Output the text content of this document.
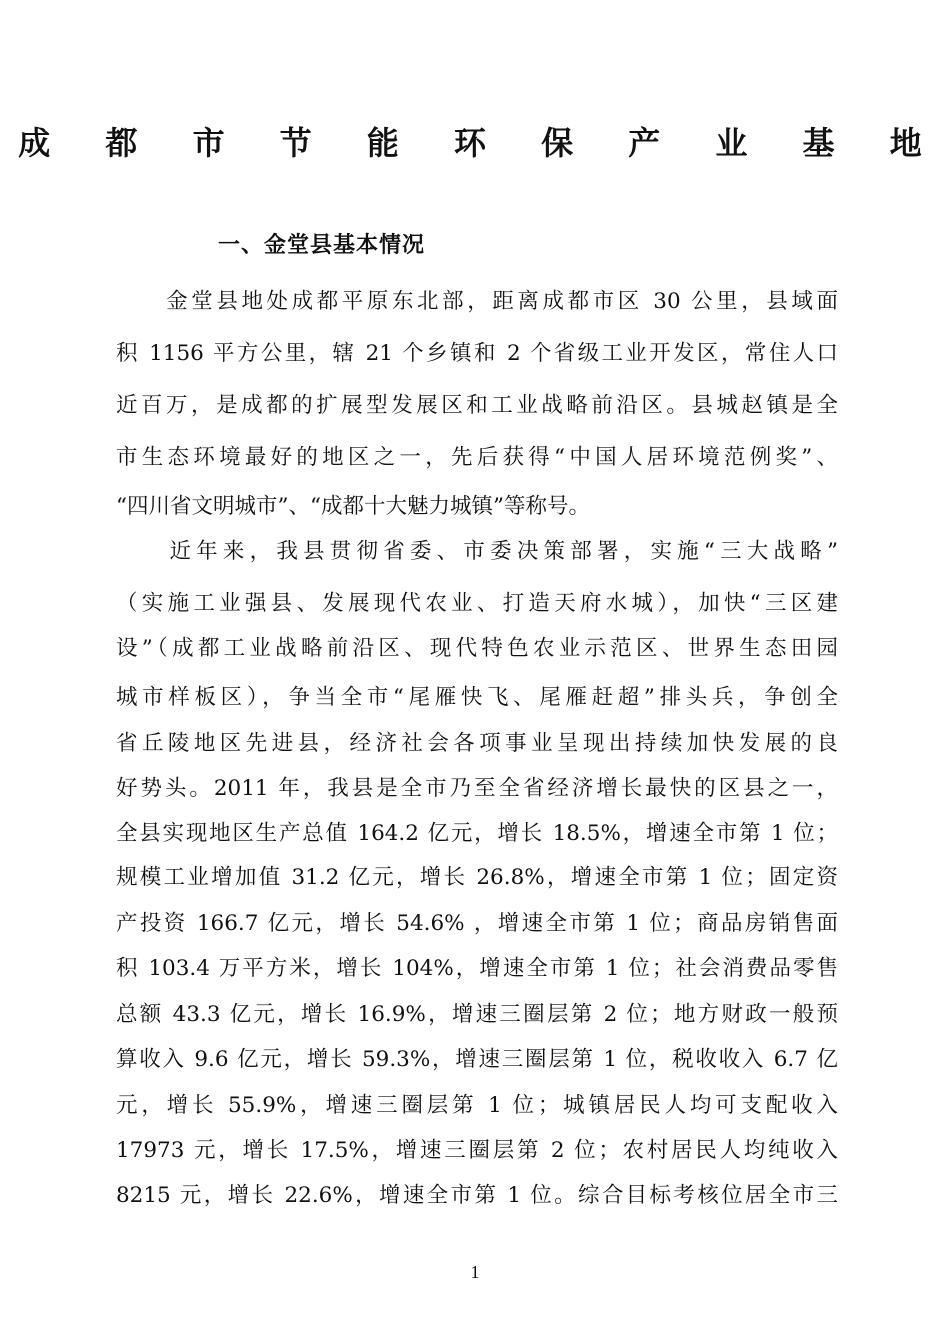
成 都 市 节 能 环 保 产 业 基 地
一、金堂县基本情况
　　金堂县地处成都平原东北部，距离成都市区 30 公里，县域面
积 1156 平方公里，辖 21 个乡镇和 2 个省级工业开发区，常住人口
近百万，是成都的扩展型发展区和工业战略前沿区。县城赵镇是全
市生态环境最好的地区之一，先后获得“中国人居环境范例奖”、
“四川省文明城市”、“成都十大魅力城镇”等称号。
　　近年来，我县贯彻省委、市委决策部署，实施“三大战略”
（实施工业强县、发展现代农业、打造天府水城），加快“三区建
设”（成都工业战略前沿区、现代特色农业示范区、世界生态田园
城市样板区），争当全市“尾雁快飞、尾雁赶超”排头兵，争创全
省丘陵地区先进县，经济社会各项事业呈现出持续加快发展的良
好势头。2011 年，我县是全市乃至全省经济增长最快的区县之一，
全县实现地区生产总值 164.2 亿元，增长 18.5%，增速全市第 1 位；
规模工业增加值 31.2 亿元，增长 26.8%，增速全市第 1 位；固定资
产投资 166.7 亿元，增长 54.6% ，增速全市第 1 位；商品房销售面
积 103.4 万平方米，增长 104%，增速全市第 1 位；社会消费品零售
总额 43.3 亿元，增长 16.9%，增速三圈层第 2 位；地方财政一般预
算收入 9.6 亿元，增长 59.3%，增速三圈层第 1 位，税收收入 6.7 亿
元，增长 55.9%，增速三圈层第 1 位；城镇居民人均可支配收入
17973 元，增长 17.5%，增速三圈层第 2 位；农村居民人均纯收入
8215 元，增长 22.6%，增速全市第 1 位。综合目标考核位居全市三
1
